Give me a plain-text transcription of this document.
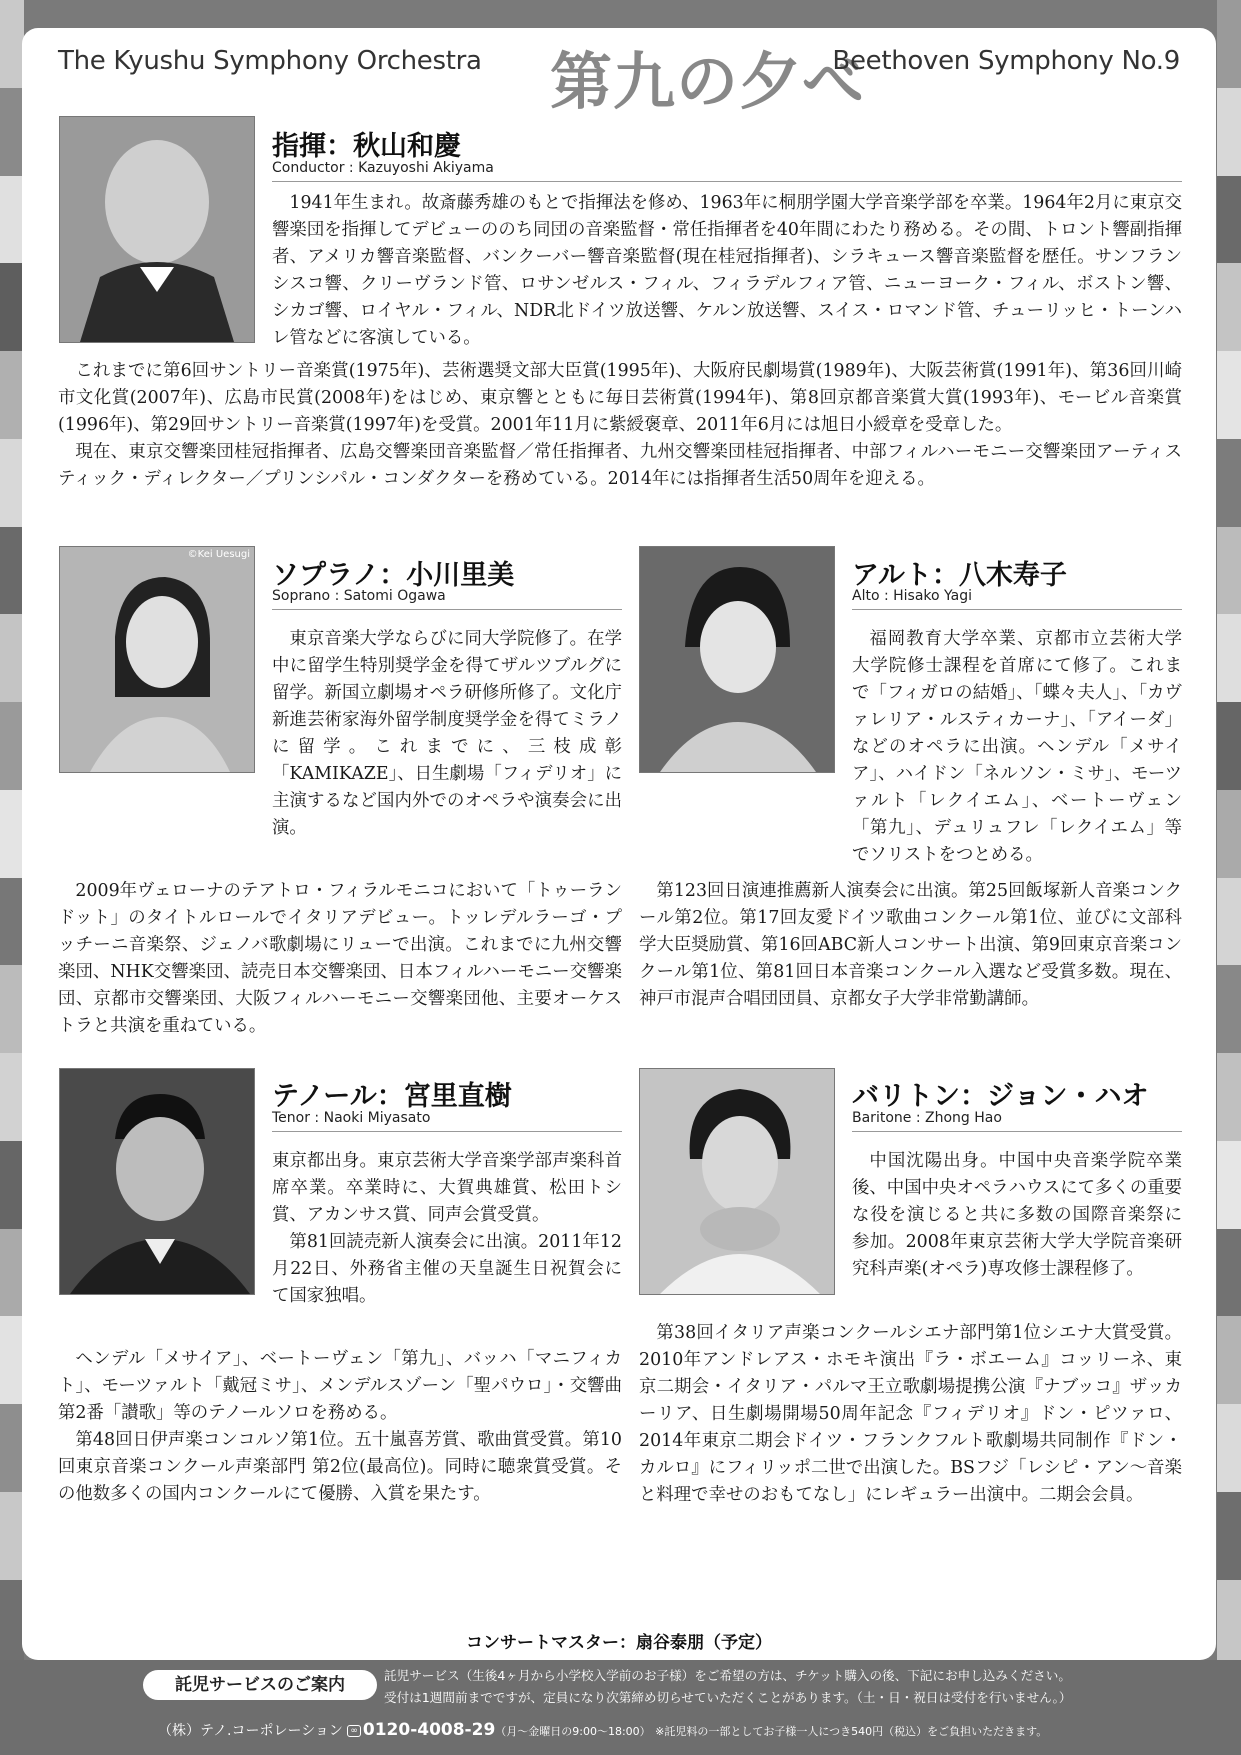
The Kyushu Symphony Orchestra 第九の夕べ
Beethoven Symphony No.9
指揮：秋山和慶
Conductor : Kazuyoshi Akiyama

1941年生まれ。故斎藤秀雄のもとで指揮法を修め、1963年に桐朋学園大学音楽学部を卒業。1964年2月に東京交響楽団を指揮してデビューののち同団の音楽監督・常任指揮者を40年間にわたり務める。その間、トロント響副指揮者、アメリカ響音楽監督、バンクーバー響音楽監督(現在桂冠指揮者)、シラキュース響音楽監督を歴任。サンフランシスコ響、クリーヴランド管、ロサンゼルス・フィル、フィラデルフィア管、ニューヨーク・フィル、ボストン響、シカゴ響、ロイヤル・フィル、NDR北ドイツ放送響、ケルン放送響、スイス・ロマンド管、チューリッヒ・トーンハレ管などに客演している。

これまでに第6回サントリー音楽賞(1975年)、芸術選奨文部大臣賞(1995年)、大阪府民劇場賞(1989年)、大阪芸術賞(1991年)、第36回川崎市文化賞(2007年)、広島市民賞(2008年)をはじめ、東京響とともに毎日芸術賞(1994年)、第8回京都音楽賞大賞(1993年)、モービル音楽賞(1996年)、第29回サントリー音楽賞(1997年)を受賞。2001年11月に紫綬褒章、2011年6月には旭日小綬章を受章した。

現在、東京交響楽団桂冠指揮者、広島交響楽団音楽監督／常任指揮者、九州交響楽団桂冠指揮者、中部フィルハーモニー交響楽団アーティスティック・ディレクター／プリンシパル・コンダクターを務めている。2014年には指揮者生活50周年を迎える。

©Kei Uesugi
ソプラノ：小川里美
Soprano : Satomi Ogawa

東京音楽大学ならびに同大学院修了。在学中に留学生特別奨学金を得てザルツブルグに留学。新国立劇場オペラ研修所修了。文化庁新進芸術家海外留学制度奨学金を得てミラノに留学。これまでに、三枝成彰「KAMIKAZE」、日生劇場「フィデリオ」に主演するなど国内外でのオペラや演奏会に出演。

2009年ヴェローナのテアトロ・フィラルモニコにおいて「トゥーランドット」のタイトルロールでイタリアデビュー。トッレデルラーゴ・プッチーニ音楽祭、ジェノバ歌劇場にリューで出演。これまでに九州交響楽団、NHK交響楽団、読売日本交響楽団、日本フィルハーモニー交響楽団、京都市交響楽団、大阪フィルハーモニー交響楽団他、主要オーケストラと共演を重ねている。

アルト：八木寿子
Alto : Hisako Yagi

福岡教育大学卒業、京都市立芸術大学大学院修士課程を首席にて修了。これまで「フィガロの結婚」、「蝶々夫人」、「カヴァレリア・ルスティカーナ」、「アイーダ」などのオペラに出演。ヘンデル「メサイア」、ハイドン「ネルソン・ミサ」、モーツァルト「レクイエム」、ベートーヴェン「第九」、デュリュフレ「レクイエム」等でソリストをつとめる。

第123回日演連推薦新人演奏会に出演。第25回飯塚新人音楽コンクール第2位。第17回友愛ドイツ歌曲コンクール第1位、並びに文部科学大臣奨励賞、第16回ABC新人コンサート出演、第9回東京音楽コンクール第1位、第81回日本音楽コンクール入選など受賞多数。現在、神戸市混声合唱団団員、京都女子大学非常勤講師。

テノール：宮里直樹
Tenor : Naoki Miyasato

東京都出身。東京芸術大学音楽学部声楽科首席卒業。卒業時に、大賀典雄賞、松田トシ賞、アカンサス賞、同声会賞受賞。

第81回読売新人演奏会に出演。2011年12月22日、外務省主催の天皇誕生日祝賀会にて国家独唱。

ヘンデル「メサイア」、ベートーヴェン「第九」、バッハ「マニフィカト」、モーツァルト「戴冠ミサ」、メンデルスゾーン「聖パウロ」・交響曲第2番「讃歌」等のテノールソロを務める。

第48回日伊声楽コンコルソ第1位。五十嵐喜芳賞、歌曲賞受賞。第10回東京音楽コンクール声楽部門 第2位(最高位)。同時に聴衆賞受賞。その他数多くの国内コンクールにて優勝、入賞を果たす。

バリトン：ジョン・ハオ
Baritone : Zhong Hao

中国沈陽出身。中国中央音楽学院卒業後、中国中央オペラハウスにて多くの重要な役を演じると共に多数の国際音楽祭に参加。2008年東京芸術大学大学院音楽研究科声楽(オペラ)専攻修士課程修了。

第38回イタリア声楽コンクールシエナ部門第1位シエナ大賞受賞。2010年アンドレアス・ホモキ演出『ラ・ボエーム』コッリーネ、東京二期会・イタリア・パルマ王立歌劇場提携公演『ナブッコ』ザッカーリア、日生劇場開場50周年記念『フィデリオ』ドン・ピツァロ、2014年東京二期会ドイツ・フランクフルト歌劇場共同制作『ドン・カルロ』にフィリッポ二世で出演した。BSフジ「レシピ・アン～音楽と料理で幸せのおもてなし」にレギュラー出演中。二期会会員。

コンサートマスター：扇谷泰朋（予定）
託児サービスのご案内	託児サービス（生後4ヶ月から小学校入学前のお子様）をご希望の方は、チケット購入の後、下記にお申し込みください。
受付は1週間前までですが、定員になり次第締め切らせていただくことがあります。（土・日・祝日は受付を行いません。）
（株）テノ.コーポレーション ∞ 0120-4008-29（月～金曜日の9:00～18:00） ※託児料の一部としてお子様一人につき540円（税込）をご負担いただきます。
